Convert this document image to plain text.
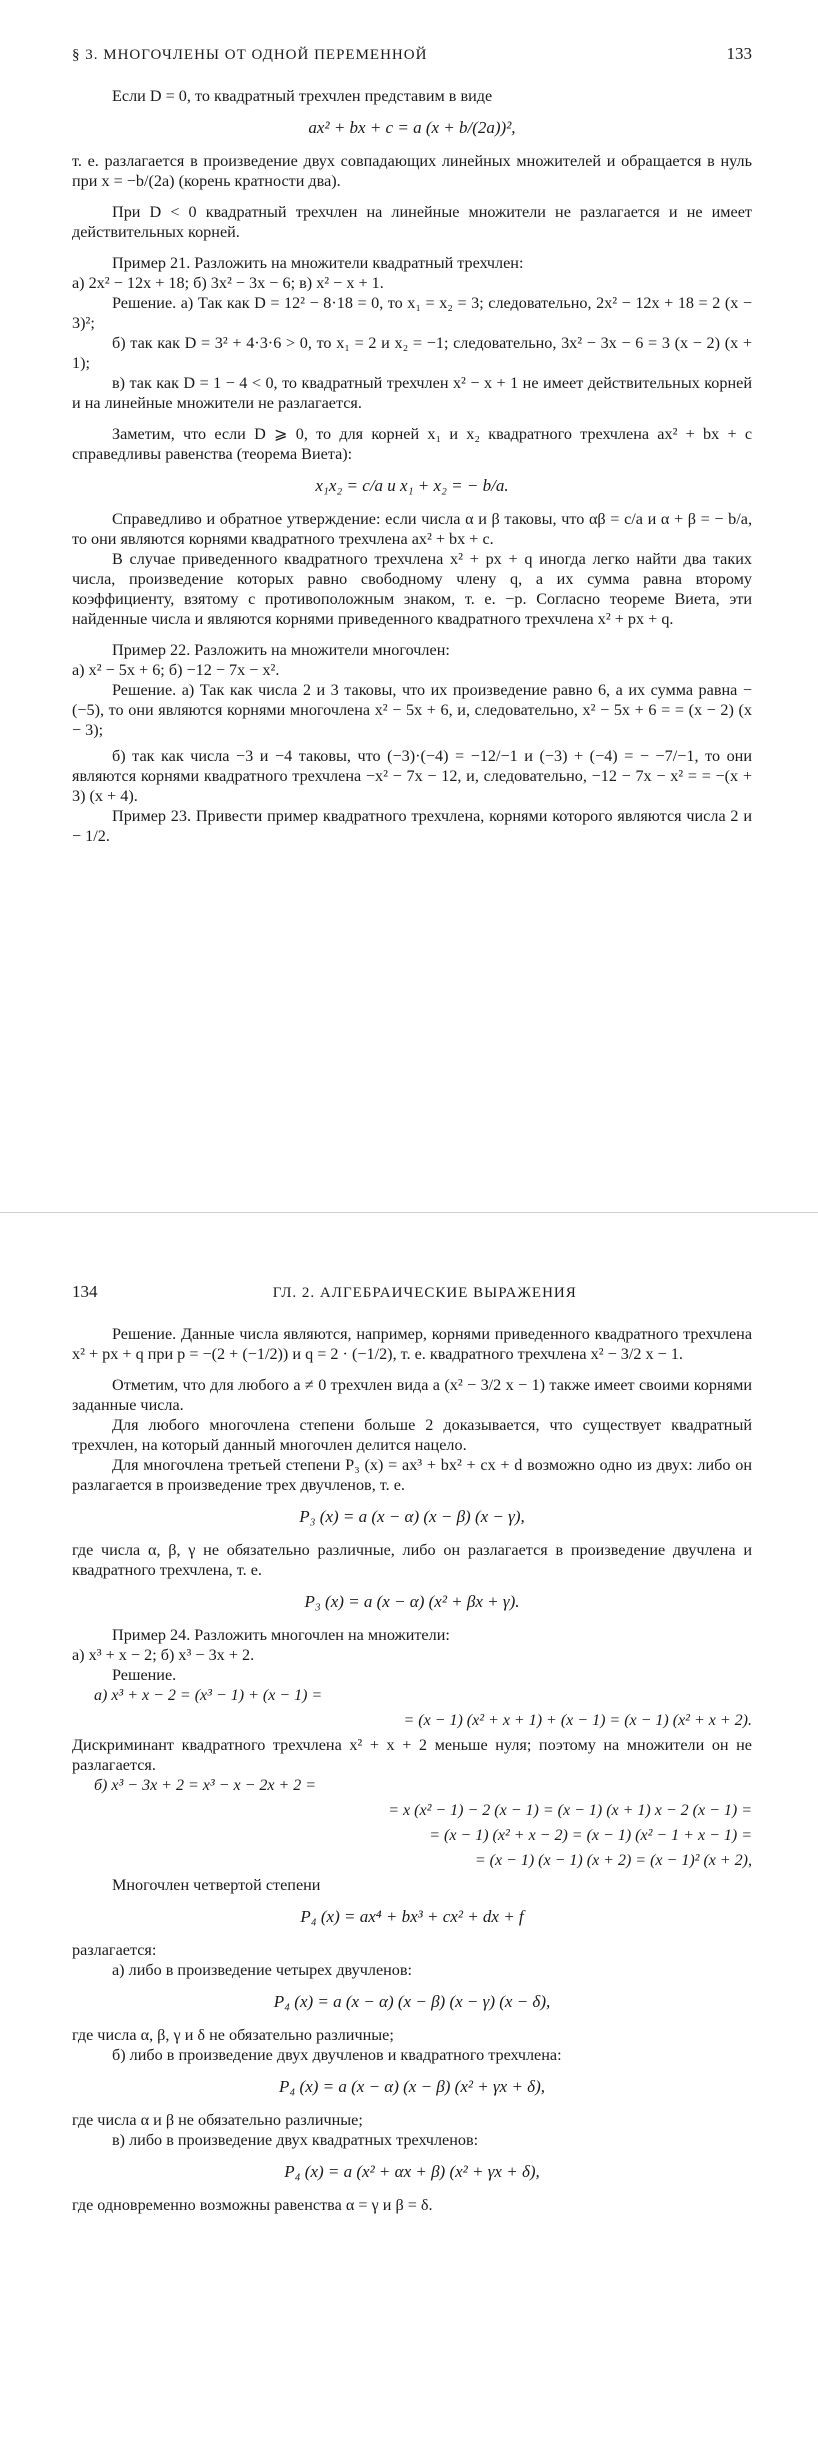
§ 3. МНОГОЧЛЕНЫ ОТ ОДНОЙ ПЕРЕМЕННОЙ	133

Если D = 0, то квадратный трехчлен представим в виде

ax² + bx + c = a (x + b/(2a))²,

т. е. разлагается в произведение двух совпадающих линейных множителей и обращается в нуль при x = −b/(2a) (корень кратности два).

При D < 0 квадратный трехчлен на линейные множители не разлагается и не имеет действительных корней.

Пример 21. Разложить на множители квадратный трехчлен:

а) 2x² − 12x + 18; б) 3x² − 3x − 6; в) x² − x + 1.

Решение. а) Так как D = 12² − 8·18 = 0, то x₁ = x₂ = 3; следовательно, 2x² − 12x + 18 = 2 (x − 3)²;

б) так как D = 3² + 4·3·6 > 0, то x₁ = 2 и x₂ = −1; следовательно, 3x² − 3x − 6 = 3 (x − 2) (x + 1);

в) так как D = 1 − 4 < 0, то квадратный трехчлен x² − x + 1 не имеет действительных корней и на линейные множители не разлагается.

Заметим, что если D ⩾ 0, то для корней x₁ и x₂ квадратного трехчлена ax² + bx + c справедливы равенства (теорема Виета):

x₁x₂ = c/a и x₁ + x₂ = − b/a.

Справедливо и обратное утверждение: если числа α и β таковы, что αβ = c/a и α + β = − b/a, то они являются корнями квадратного трехчлена ax² + bx + c.

В случае приведенного квадратного трехчлена x² + px + q иногда легко найти два таких числа, произведение которых равно свободному члену q, а их сумма равна второму коэффициенту, взятому с противоположным знаком, т. е. −p. Согласно теореме Виета, эти найденные числа и являются корнями приведенного квадратного трехчлена x² + px + q.

Пример 22. Разложить на множители многочлен:

а) x² − 5x + 6; б) −12 − 7x − x².

Решение. а) Так как числа 2 и 3 таковы, что их произведение равно 6, а их сумма равна −(−5), то они являются корнями многочлена x² − 5x + 6, и, следовательно, x² − 5x + 6 = = (x − 2) (x − 3);

б) так как числа −3 и −4 таковы, что (−3)·(−4) = −12/−1 и (−3) + (−4) = − −7/−1, то они являются корнями квадратного трехчлена −x² − 7x − 12, и, следовательно, −12 − 7x − x² = = −(x + 3) (x + 4).

Пример 23. Привести пример квадратного трехчлена, корнями которого являются числа 2 и − 1/2.

134	ГЛ. 2. АЛГЕБРАИЧЕСКИЕ ВЫРАЖЕНИЯ

Решение. Данные числа являются, например, корнями приведенного квадратного трехчлена x² + px + q при p = −(2 + (−1/2)) и q = 2 · (−1/2), т. е. квадратного трехчлена x² − 3/2 x − 1.

Отметим, что для любого a ≠ 0 трехчлен вида a (x² − 3/2 x − 1) также имеет своими корнями заданные числа.

Для любого многочлена степени больше 2 доказывается, что существует квадратный трехчлен, на который данный многочлен делится нацело.

Для многочлена третьей степени P₃ (x) = ax³ + bx² + cx + d возможно одно из двух: либо он разлагается в произведение трех двучленов, т. е.

P₃ (x) = a (x − α) (x − β) (x − γ),

где числа α, β, γ не обязательно различные, либо он разлагается в произведение двучлена и квадратного трехчлена, т. е.

P₃ (x) = a (x − α) (x² + βx + γ).

Пример 24. Разложить многочлен на множители:

а) x³ + x − 2; б) x³ − 3x + 2.

Решение.

а) x³ + x − 2 = (x³ − 1) + (x − 1) =
= (x − 1) (x² + x + 1) + (x − 1) = (x − 1) (x² + x + 2).

Дискриминант квадратного трехчлена x² + x + 2 меньше нуля; поэтому на множители он не разлагается.

б) x³ − 3x + 2 = x³ − x − 2x + 2 =
= x (x² − 1) − 2 (x − 1) = (x − 1) (x + 1) x − 2 (x − 1) =
= (x − 1) (x² + x − 2) = (x − 1) (x² − 1 + x − 1) =
= (x − 1) (x − 1) (x + 2) = (x − 1)² (x + 2),

Многочлен четвертой степени

P₄ (x) = ax⁴ + bx³ + cx² + dx + f

разлагается:

а) либо в произведение четырех двучленов:

P₄ (x) = a (x − α) (x − β) (x − γ) (x − δ),

где числа α, β, γ и δ не обязательно различные;

б) либо в произведение двух двучленов и квадратного трехчлена:

P₄ (x) = a (x − α) (x − β) (x² + γx + δ),

где числа α и β не обязательно различные;

в) либо в произведение двух квадратных трехчленов:

P₄ (x) = a (x² + αx + β) (x² + γx + δ),

где одновременно возможны равенства α = γ и β = δ.
